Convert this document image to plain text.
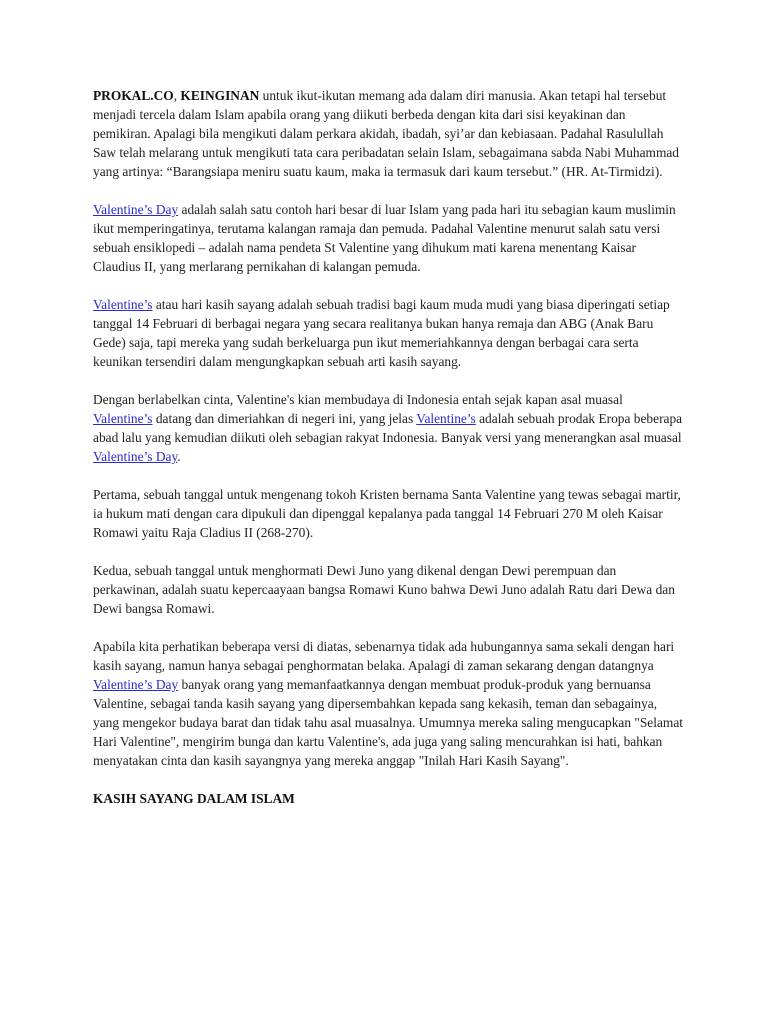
PROKAL.CO, KEINGINAN untuk ikut-ikutan memang ada dalam diri manusia. Akan tetapi hal tersebut menjadi tercela dalam Islam apabila orang yang diikuti berbeda dengan kita dari sisi keyakinan dan pemikiran. Apalagi bila mengikuti dalam perkara akidah, ibadah, syi’ar dan kebiasaan. Padahal Rasulullah Saw telah melarang untuk mengikuti tata cara peribadatan selain Islam, sebagaimana sabda Nabi Muhammad yang artinya: “Barangsiapa meniru suatu kaum, maka ia termasuk dari kaum tersebut.” (HR. At-Tirmidzi).

Valentine’s Day adalah salah satu contoh hari besar di luar Islam yang pada hari itu sebagian kaum muslimin ikut memperingatinya, terutama kalangan ramaja dan pemuda. Padahal Valentine menurut salah satu versi sebuah ensiklopedi – adalah nama pendeta St Valentine yang dihukum mati karena menentang Kaisar Claudius II, yang merlarang pernikahan di kalangan pemuda.

Valentine’s atau hari kasih sayang adalah sebuah tradisi bagi kaum muda mudi yang biasa diperingati setiap tanggal 14 Februari di berbagai negara yang secara realitanya bukan hanya remaja dan ABG (Anak Baru Gede) saja, tapi mereka yang sudah berkeluarga pun ikut memeriahkannya dengan berbagai cara serta keunikan tersendiri dalam mengungkapkan sebuah arti kasih sayang.

Dengan berlabelkan cinta, Valentine's kian membudaya di Indonesia entah sejak kapan asal muasal Valentine’s datang dan dimeriahkan di negeri ini, yang jelas Valentine’s adalah sebuah prodak Eropa beberapa abad lalu yang kemudian diikuti oleh sebagian rakyat Indonesia. Banyak versi yang menerangkan asal muasal Valentine’s Day.

Pertama, sebuah tanggal untuk mengenang tokoh Kristen bernama Santa Valentine yang tewas sebagai martir, ia hukum mati dengan cara dipukuli dan dipenggal kepalanya pada tanggal 14 Februari 270 M oleh Kaisar Romawi yaitu Raja Cladius II (268-270).

Kedua, sebuah tanggal untuk menghormati Dewi Juno yang dikenal dengan Dewi perempuan dan perkawinan, adalah suatu kepercaayaan bangsa Romawi Kuno bahwa Dewi Juno adalah Ratu dari Dewa dan Dewi bangsa Romawi.

Apabila kita perhatikan beberapa versi di diatas, sebenarnya tidak ada hubungannya sama sekali dengan hari kasih sayang, namun hanya sebagai penghormatan belaka. Apalagi di zaman sekarang dengan datangnya Valentine’s Day banyak orang yang memanfaatkannya dengan membuat produk-produk yang bernuansa Valentine, sebagai tanda kasih sayang yang dipersembahkan kepada sang kekasih, teman dan sebagainya, yang mengekor budaya barat dan tidak tahu asal muasalnya. Umumnya mereka saling mengucapkan "Selamat Hari Valentine", mengirim bunga dan kartu Valentine's, ada juga yang saling mencurahkan isi hati, bahkan menyatakan cinta dan kasih sayangnya yang mereka anggap "Inilah Hari Kasih Sayang".

KASIH SAYANG DALAM ISLAM
